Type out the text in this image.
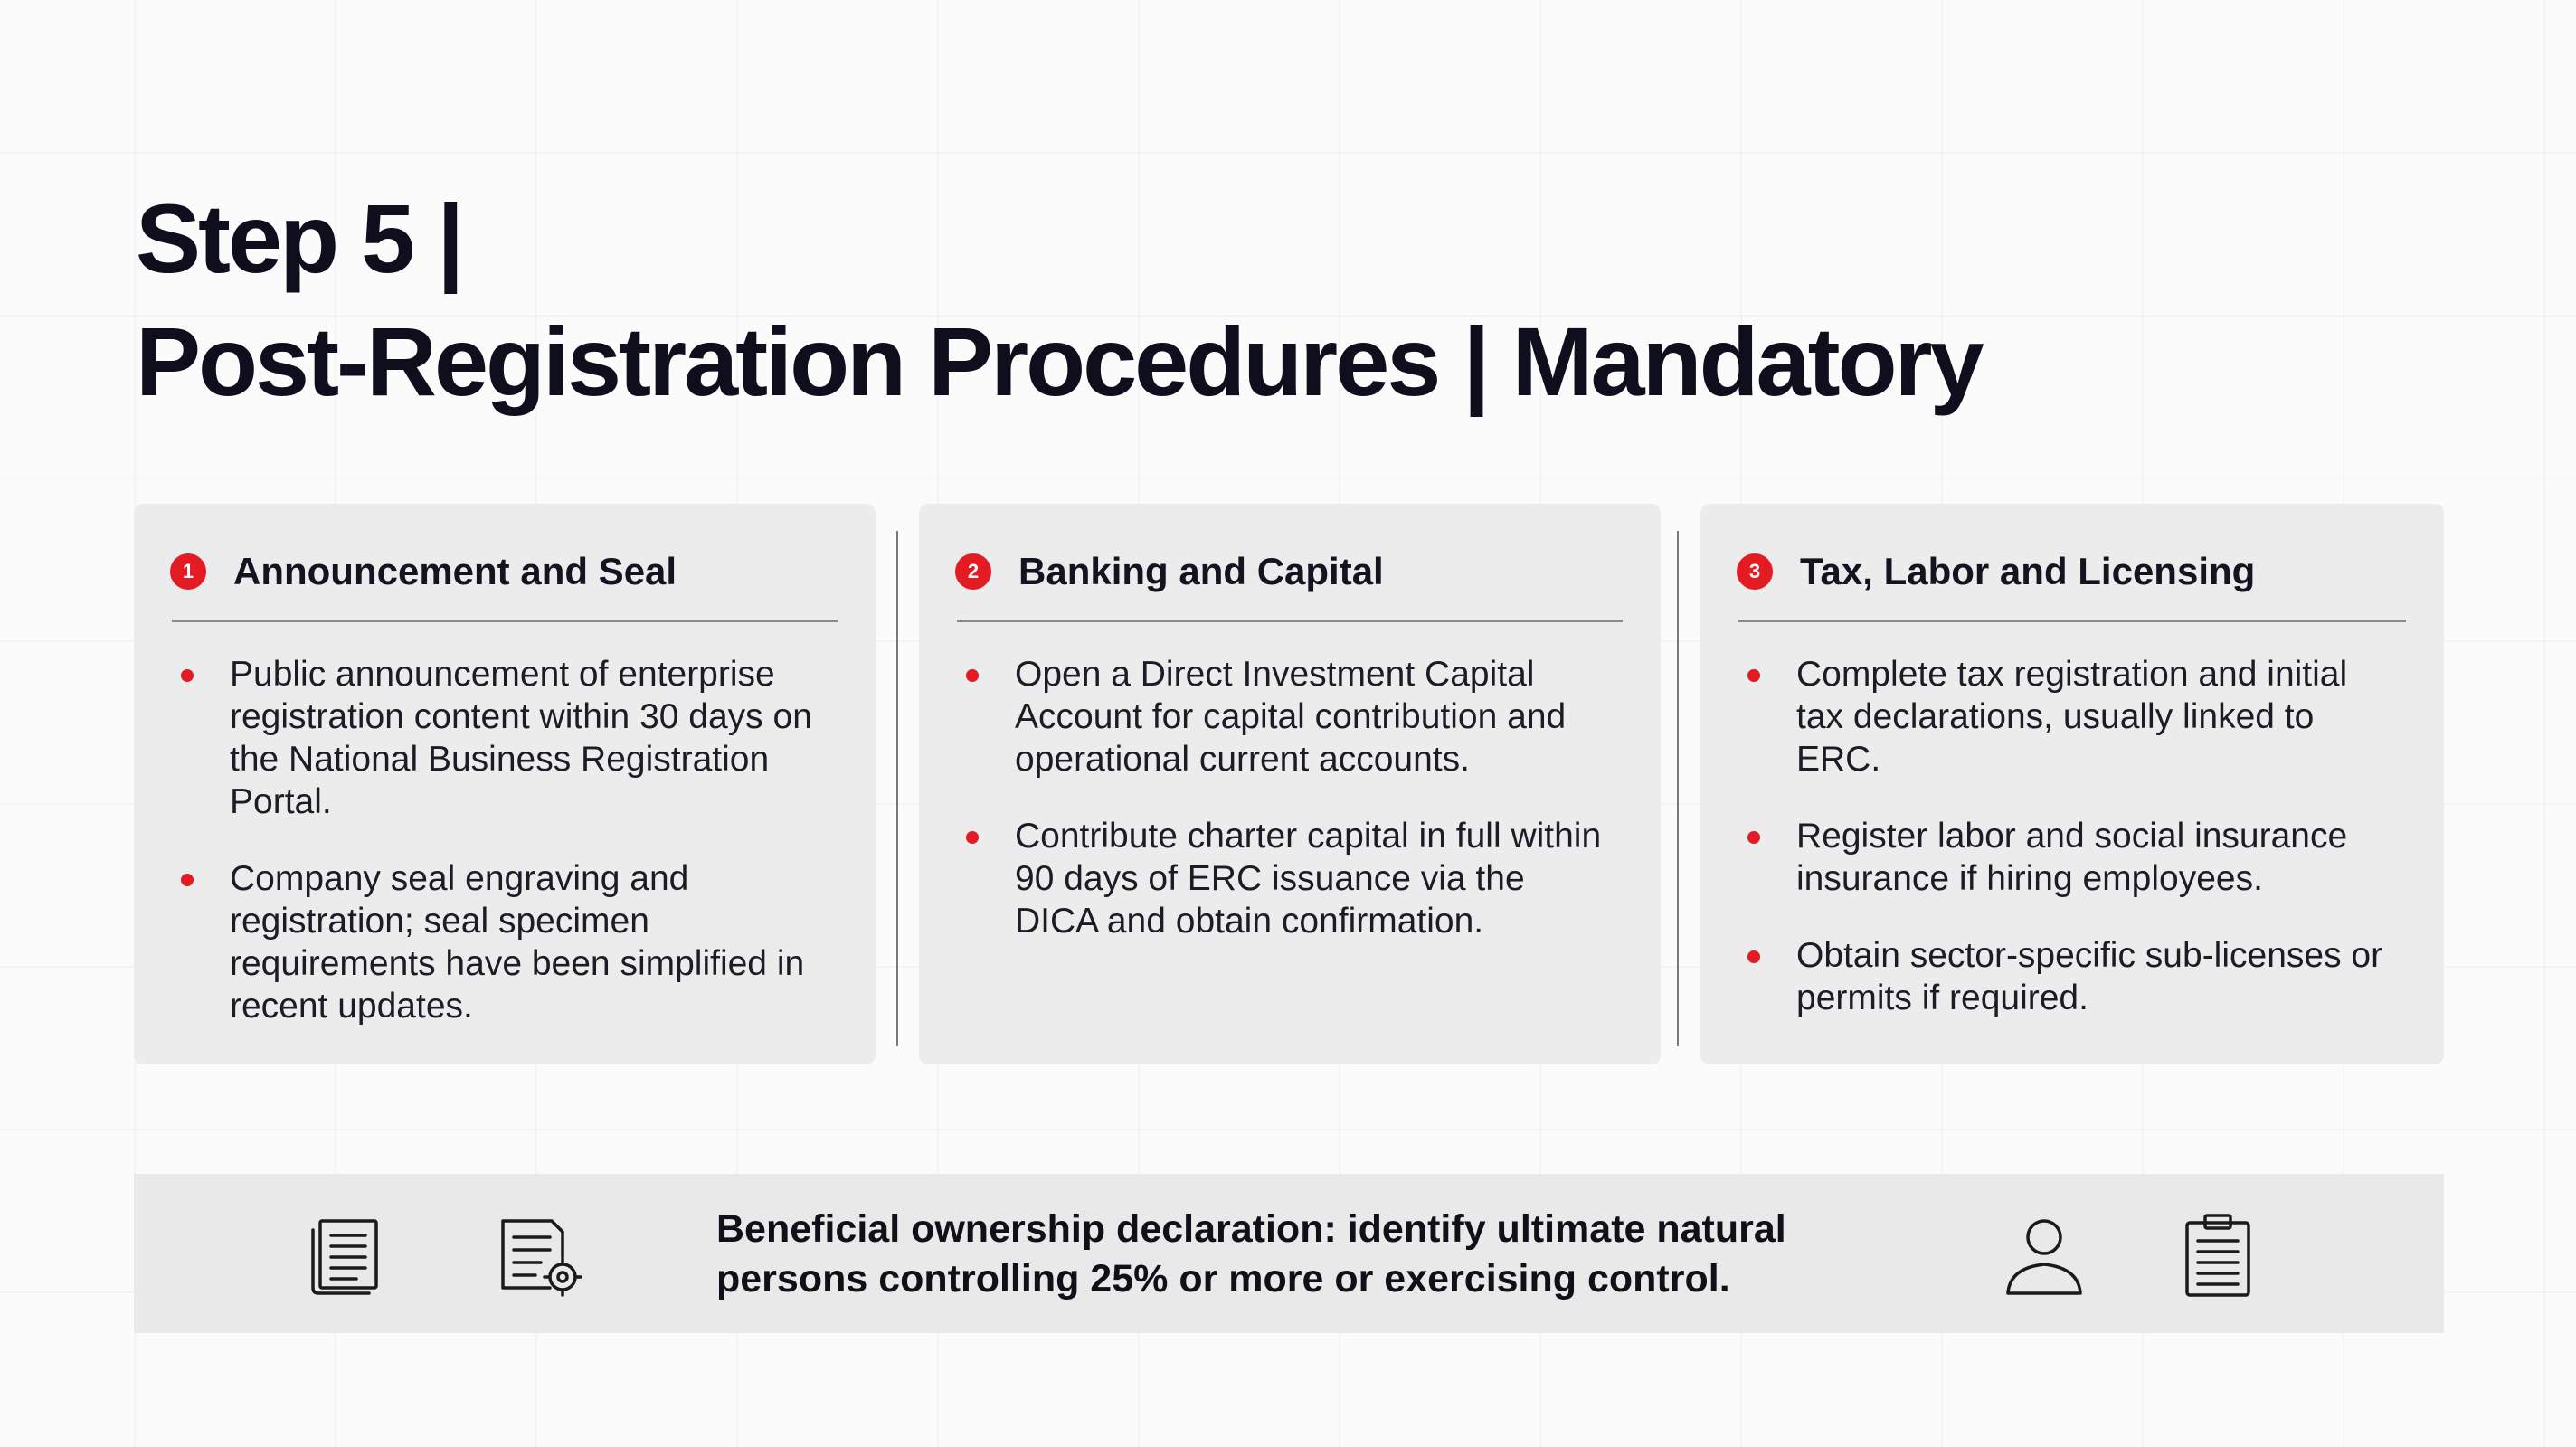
Step 5 |
Post-Registration Procedures | Mandatory
1	Announcement and Seal
Public announcement of enterprise registration content within 30 days on the National Business Registration Portal.
Company seal engraving and registration; seal specimen requirements have been simplified in recent updates.
2	Banking and Capital
Open a Direct Investment Capital Account for capital contribution and operational current accounts.
Contribute charter capital in full within 90 days of ERC issuance via the DICA and obtain confirmation.
3	Tax, Labor and Licensing
Complete tax registration and initial tax declarations, usually linked to ERC.
Register labor and social insurance insurance if hiring employees.
Obtain sector-specific sub-licenses or permits if required.
Beneficial ownership declaration: identify ultimate natural persons controlling 25% or more or exercising control.
